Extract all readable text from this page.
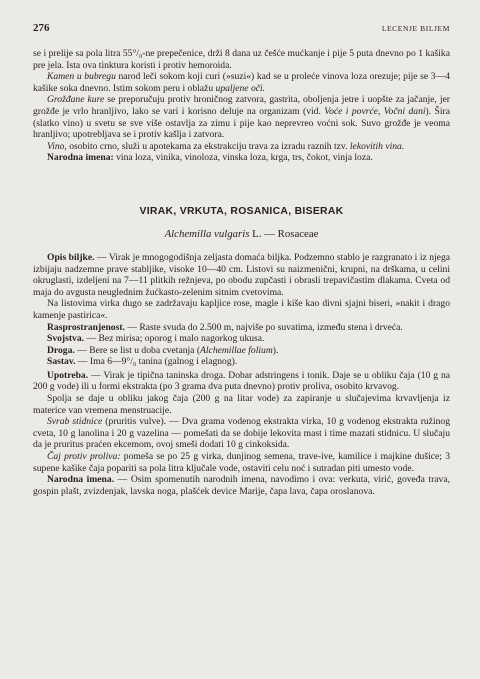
276	LECENJE BILJEM

se i prelije sa pola litra 55°/₀-ne prepečenice, drži 8 dana uz češće mućkanje i pije 5 puta dnevno po 1 kašika pre jela. Ista ova tinktura koristi i protiv hemoroida.

Kamen u bubregu narod leči sokom koji curi (»suzi«) kad se u proleće vinova loza orezuje; pije se 3—4 kašike soka dnevno. Istim sokom peru i oblažu upaljene oči.

Grožđane kure se preporučuju protiv hroničnog zatvora, gastrita, oboljenja jetre i uopšte za jačanje, jer grožđe je vrlo hranljivo, lako se vari i korisno deluje na organizam (vid. Voće i povrće, Vočni dani). Šira (slatko vino) u svetu se sve više ostavlja za zimu i pije kao neprevreo voćni sok. Suvo grožđe je veoma hranljivo; upotrebljava se i protiv kašlja i zatvora.

Vino, osobito crno, služi u apotekama za ekstrakciju trava za izradu raznih tzv. lekovitih vina.

Narodna imena: vina loza, vinika, vinoloza, vinska loza, krga, trs, čokot, vinja loza.

VIRAK, VRKUTA, ROSANICA, BISERAK
Alchemilla vulgaris L. — Rosaceae

Opis biljke. — Virak je mnogogodišnja zeljasta domaća biljka. Podzemno stablo je razgranato i iz njega izbijaju nadzemne prave stabljike, visoke 10—40 cm. Listovi su naizmenični, krupni, na drškama, u celini okruglasti, izdeljeni na 7—11 plitkih režnjeva, po obodu zupčasti i obrasli trepavičastim dlakama. Cveta od maja do avgusta neuglednim žućkasto-zelenim sitnim cvetovima.

Na listovima virka dugo se zadržavaju kapljice rose, magle i kiše kao divni sjajni biseri, »nakit i drago kamenje pastirica«.

Rasprostranjenost. — Raste svuda do 2.500 m, najviše po suvatima, između stena i drveća.

Svojstva. — Bez mirisa; oporog i malo nagorkog ukusa.

Droga. — Bere se list u doba cvetanja (Alchemillae folium).

Sastav. — Ima 6—9°/₀ tanina (galnog i elagnog).

Upotreba. — Virak je tipična taninska droga. Dobar adstringens i tonik. Daje se u obliku čaja (10 g na 200 g vode) ili u formi ekstrakta (po 3 grama dva puta dnevno) protiv proliva, osobito krvavog.

Spolja se daje u obliku jakog čaja (200 g na litar vode) za zapiranje u slučajevima krvavljenja iz materice van vremena menstruacije.

Svrab stidnice (pruritis vulve). — Dva grama vodenog ekstrakta virka, 10 g vodenog ekstrakta ružinog cveta, 10 g lanolina i 20 g vazelina — pomešati da se dobije lekovita mast i time mazati stidnicu. U slučaju da je pruritus praćen ekcemom, ovoj smeši dodati 10 g cinkoksida.

Čaj protiv proliva: pomeša se po 25 g virka, dunjinog semena, trave-ive, kamilice i majkine dušice; 3 supene kašike čaja popariti sa pola litra ključale vode, ostaviti celu noć i sutradan piti umesto vode.

Narodna imena. — Osim spomenutih narodnih imena, navodimo i ova: verkuta, virić, goveđa trava, gospin plašt, zvizdenjak, lavska noga, plašćek device Marije, čapa lava, čapa oroslanova.
